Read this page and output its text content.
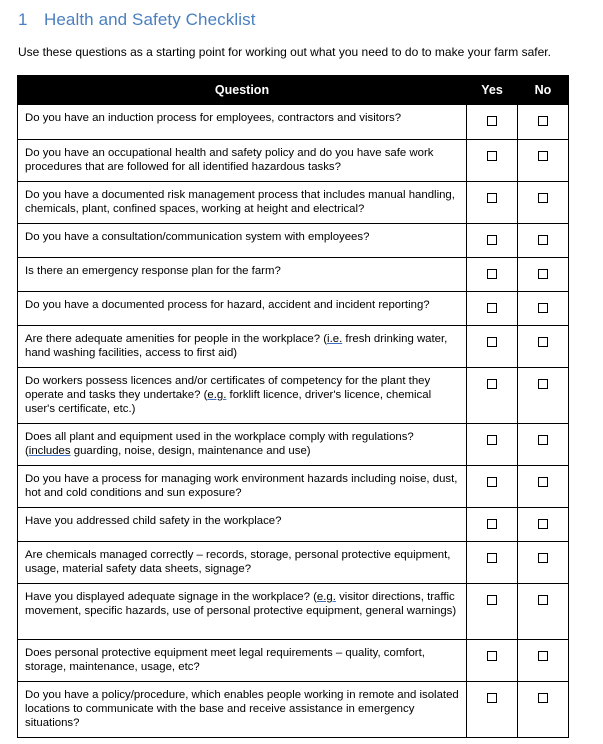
1 Health and Safety Checklist
Use these questions as a starting point for working out what you need to do to make your farm safer.
Question	Yes	No
Do you have an induction process for employees, contractors and visitors?		
Do you have an occupational health and safety policy and do you have safe work procedures that are followed for all identified hazardous tasks?		
Do you have a documented risk management process that includes manual handling, chemicals, plant, confined spaces, working at height and electrical?		
Do you have a consultation/communication system with employees?		
Is there an emergency response plan for the farm?		
Do you have a documented process for hazard, accident and incident reporting?		
Are there adequate amenities for people in the workplace? (i.e. fresh drinking water, hand washing facilities, access to first aid)		
Do workers possess licences and/or certificates of competency for the plant they operate and tasks they undertake? (e.g. forklift licence, driver's licence, chemical user's certificate, etc.)		
Does all plant and equipment used in the workplace comply with regulations? (includes guarding, noise, design, maintenance and use)		
Do you have a process for managing work environment hazards including noise, dust, hot and cold conditions and sun exposure?		
Have you addressed child safety in the workplace?		
Are chemicals managed correctly – records, storage, personal protective equipment, usage, material safety data sheets, signage?		
Have you displayed adequate signage in the workplace? (e.g. visitor directions, traffic movement, specific hazards, use of personal protective equipment, general warnings)		
Does personal protective equipment meet legal requirements – quality, comfort, storage, maintenance, usage, etc?		
Do you have a policy/procedure, which enables people working in remote and isolated locations to communicate with the base and receive assistance in emergency situations?		
